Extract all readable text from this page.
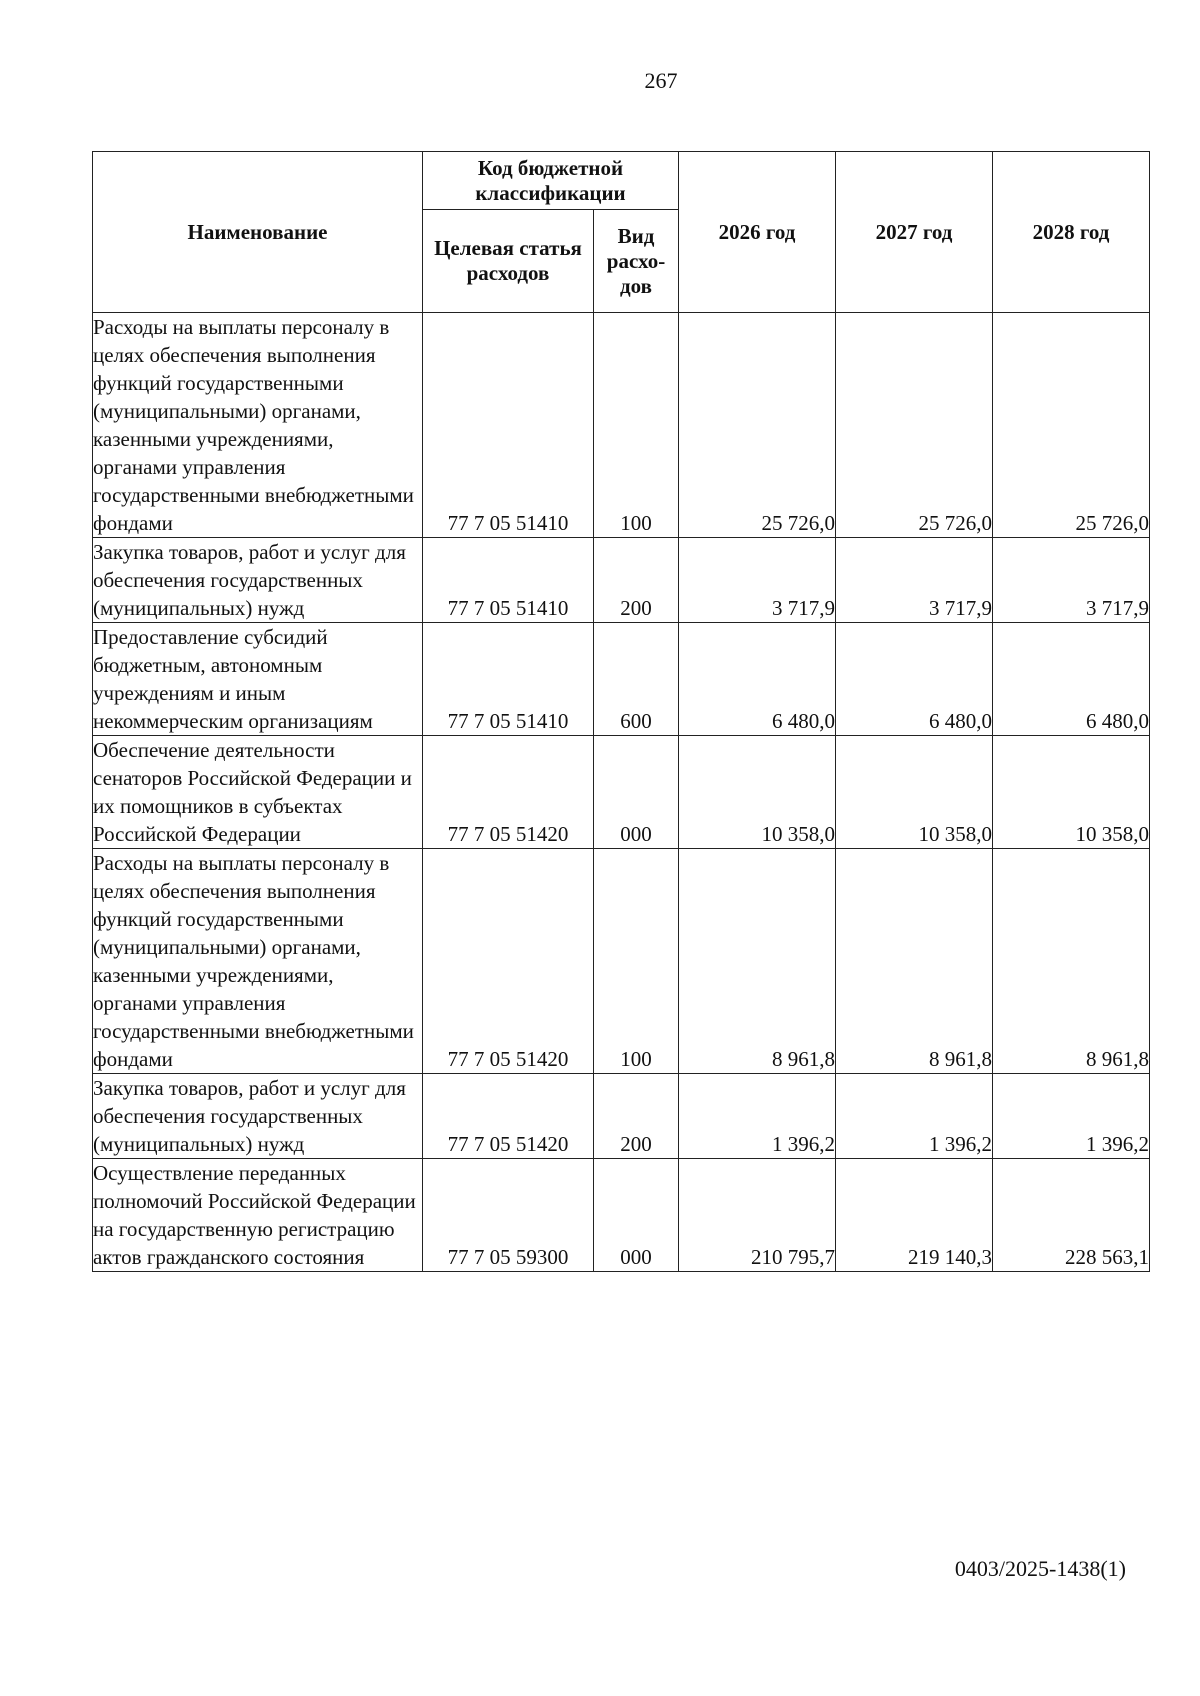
267
Наименование	Код бюджетной классификации		2026 год	2027 год	2028 год
	Целевая статья расходов	Вид расхо-дов			
Расходы на выплаты персоналу в целях обеспечения выполнения функций государственными (муниципальными) органами, казенными учреждениями, органами управления государственными внебюджетными фондами	77 7 05 51410	100	25 726,0	25 726,0	25 726,0
Закупка товаров, работ и услуг для обеспечения государственных (муниципальных) нужд	77 7 05 51410	200	3 717,9	3 717,9	3 717,9
Предоставление субсидий бюджетным, автономным учреждениям и иным некоммерческим организациям	77 7 05 51410	600	6 480,0	6 480,0	6 480,0
Обеспечение деятельности сенаторов Российской Федерации и их помощников в субъектах Российской Федерации	77 7 05 51420	000	10 358,0	10 358,0	10 358,0
Расходы на выплаты персоналу в целях обеспечения выполнения функций государственными (муниципальными) органами, казенными учреждениями, органами управления государственными внебюджетными фондами	77 7 05 51420	100	8 961,8	8 961,8	8 961,8
Закупка товаров, работ и услуг для обеспечения государственных (муниципальных) нужд	77 7 05 51420	200	1 396,2	1 396,2	1 396,2
Осуществление переданных полномочий Российской Федерации на государственную регистрацию актов гражданского состояния	77 7 05 59300	000	210 795,7	219 140,3	228 563,1
0403/2025-1438(1)
